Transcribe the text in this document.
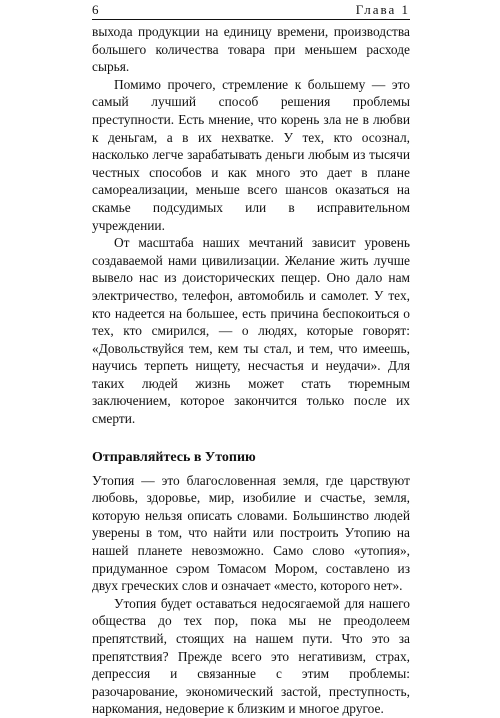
6	Глава 1

выхода продукции на единицу времени, производства большего количества товара при меньшем расходе сырья.

Помимо прочего, стремление к большему — это самый лучший способ решения проблемы преступности. Есть мнение, что корень зла не в любви к деньгам, а в их нехватке. У тех, кто осознал, насколько легче зарабатывать деньги любым из тысячи честных способов и как много это дает в плане самореализации, меньше всего шансов оказаться на скамье подсудимых или в исправительном учреждении.

От масштаба наших мечтаний зависит уровень создаваемой нами цивилизации. Желание жить лучше вывело нас из доисторических пещер. Оно дало нам электричество, телефон, автомобиль и самолет. У тех, кто надеется на большее, есть причина беспокоиться о тех, кто смирился, — о людях, которые говорят: «Довольствуйся тем, кем ты стал, и тем, что имеешь, научись терпеть нищету, несчастья и неудачи». Для таких людей жизнь может стать тюремным заключением, которое закончится только после их смерти.

Отправляйтесь в Утопию

Утопия — это благословенная земля, где царствуют любовь, здоровье, мир, изобилие и счастье, земля, которую нельзя описать словами. Большинство людей уверены в том, что найти или построить Утопию на нашей планете невозможно. Само слово «утопия», придуманное сэром Томасом Мором, составлено из двух греческих слов и означает «место, которого нет».

Утопия будет оставаться недосягаемой для нашего общества до тех пор, пока мы не преодолеем препятствий, стоящих на нашем пути. Что это за препятствия? Прежде всего это негативизм, страх, депрессия и связанные с этим проблемы: разочарование, экономический застой, преступность, наркомания, недоверие к близким и многое другое.
